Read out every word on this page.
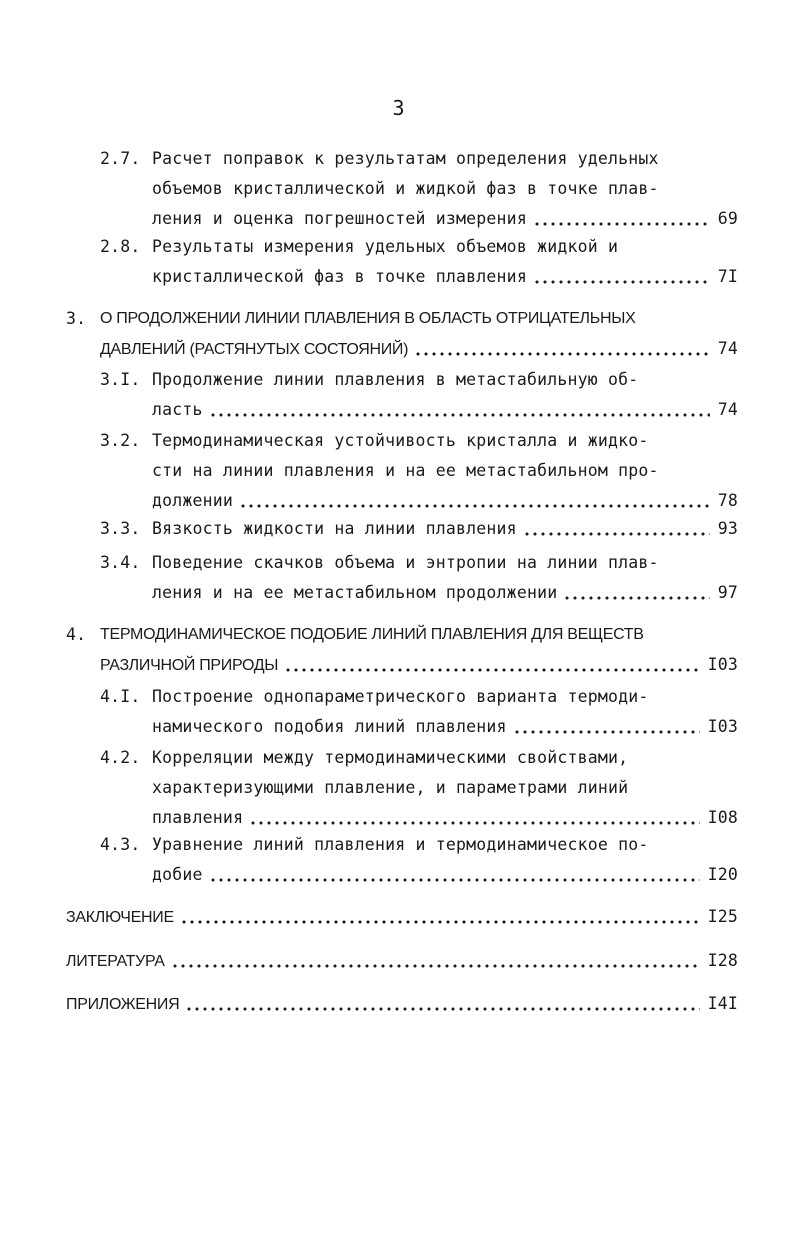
3
2.7. Расчет поправок к результатам определения удельных
объемов кристаллической и жидкой фаз в точке плав-
ления и оценка погрешностей измерения	69
2.8. Результаты измерения удельных объемов жидкой и
кристаллической фаз в точке плавления	7I
3. О ПРОДОЛЖЕНИИ ЛИНИИ ПЛАВЛЕНИЯ В ОБЛАСТЬ ОТРИЦАТЕЛЬНЫХ
ДАВЛЕНИЙ (РАСТЯНУТЫХ СОСТОЯНИЙ)	74
3.I. Продолжение линии плавления в метастабильную об-
ласть	74
3.2. Термодинамическая устойчивость кристалла и жидко-
сти на линии плавления и на ее метастабильном про-
должении	78
3.3. Вязкость жидкости на линии плавления	93
3.4. Поведение скачков объема и энтропии на линии плав-
ления и на ее метастабильном продолжении	97
4. ТЕРМОДИНАМИЧЕСКОЕ ПОДОБИЕ ЛИНИЙ ПЛАВЛЕНИЯ ДЛЯ ВЕЩЕСТВ
РАЗЛИЧНОЙ ПРИРОДЫ	I03
4.I. Построение однопараметрического варианта термоди-
намического подобия линий плавления	I03
4.2. Корреляции между термодинамическими свойствами,
характеризующими плавление, и параметрами линий
плавления	I08
4.3. Уравнение линий плавления и термодинамическое по-
добие	I20
ЗАКЛЮЧЕНИЕ	I25
ЛИТЕРАТУРА	I28
ПРИЛОЖЕНИЯ	I4I
